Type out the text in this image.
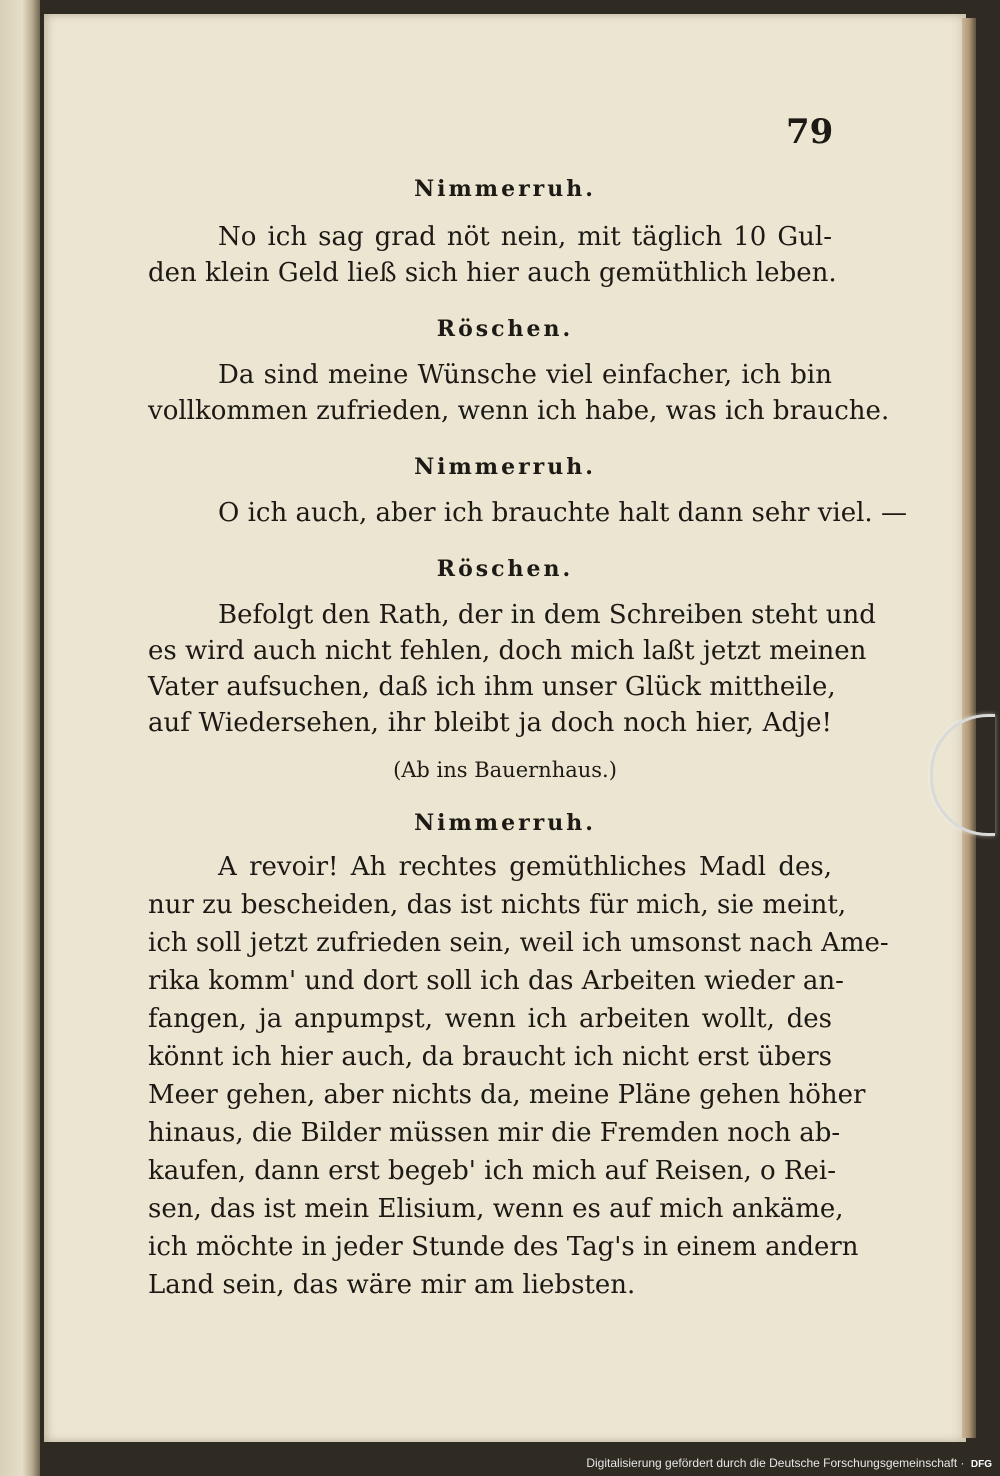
79
Nimmerruh.
No ich sag grad nöt nein, mit täglich 10 Gul-
den klein Geld ließ sich hier auch gemüthlich leben.
Röschen.
Da sind meine Wünsche viel einfacher, ich bin
vollkommen zufrieden, wenn ich habe, was ich brauche.
Nimmerruh.
O ich auch, aber ich brauchte halt dann sehr viel. —
Röschen.
Befolgt den Rath, der in dem Schreiben steht und
es wird auch nicht fehlen, doch mich laßt jetzt meinen
Vater aufsuchen, daß ich ihm unser Glück mittheile,
auf Wiedersehen, ihr bleibt ja doch noch hier, Adje!
(Ab ins Bauernhaus.)
Nimmerruh.
A revoir! Ah rechtes gemüthliches Madl des,
nur zu bescheiden, das ist nichts für mich, sie meint,
ich soll jetzt zufrieden sein, weil ich umsonst nach Ame-
rika komm' und dort soll ich das Arbeiten wieder an-
fangen, ja anpumpst, wenn ich arbeiten wollt, des
könnt ich hier auch, da braucht ich nicht erst übers
Meer gehen, aber nichts da, meine Pläne gehen höher
hinaus, die Bilder müssen mir die Fremden noch ab-
kaufen, dann erst begeb' ich mich auf Reisen, o Rei-
sen, das ist mein Elisium, wenn es auf mich ankäme,
ich möchte in jeder Stunde des Tag's in einem andern
Land sein, das wäre mir am liebsten.
Digitalisierung gefördert durch die Deutsche Forschungsgemeinschaft · DFG
